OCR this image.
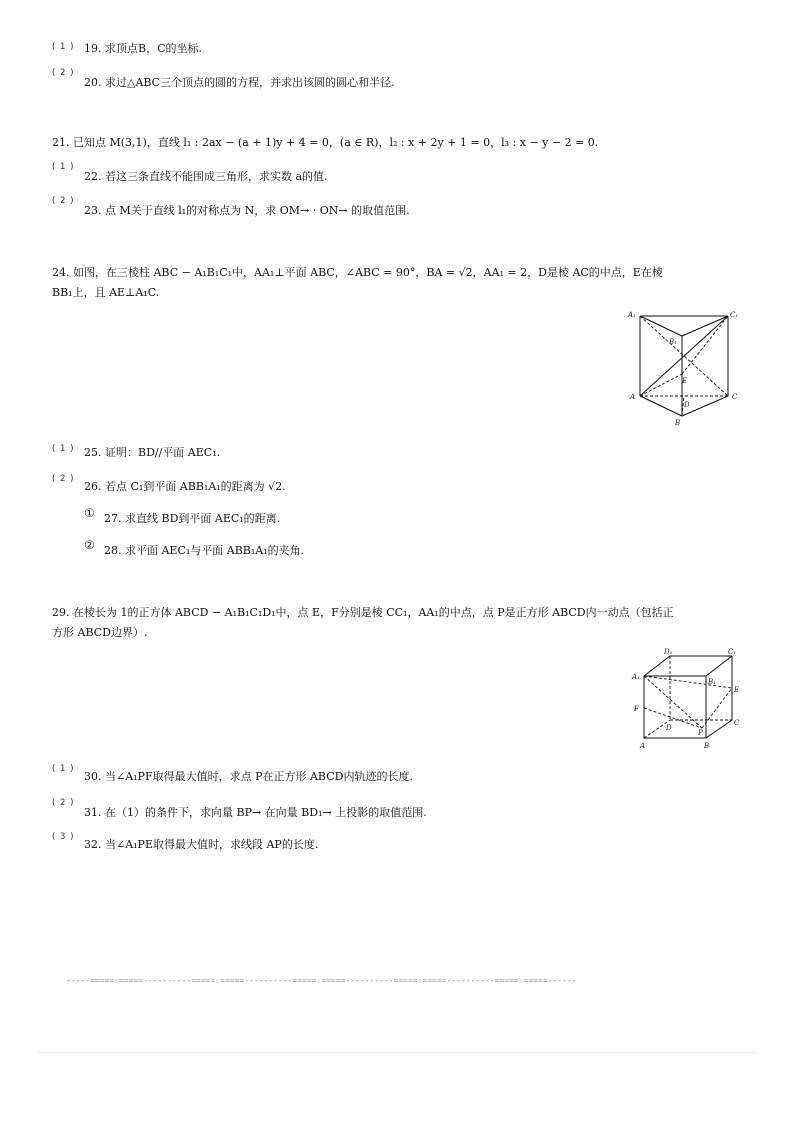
( 1 ) 19. 求顶点B，C的坐标.
( 2 )
20. 求过△ABC三个顶点的圆的方程，并求出该圆的圆心和半径.
21. 已知点 M(3,1)，直线 l₁ : 2ax − (a + 1)y + 4 = 0，(a ∈ R)，l₂ : x + 2y + 1 = 0，l₃ : x − y − 2 = 0.
( 1 )
22. 若这三条直线不能围成三角形，求实数 a的值.
( 2 )
23. 点 M关于直线 l₁的对称点为 N，求 OM→ · ON→ 的取值范围.
24. 如图，在三棱柱 ABC − A₁B₁C₁中，AA₁⊥平面 ABC，∠ABC = 90°，BA = √2，AA₁ = 2，D是棱 AC的中点，E在棱
BB₁上，且 AE⊥A₁C.
A₁	C₁
B₁
E
D
A	C
B
( 1 ) 25. 证明：BD//平面 AEC₁.
( 2 )
26. 若点 C₁到平面 ABB₁A₁的距离为 √2.
① 27. 求直线 BD到平面 AEC₁的距离.
② 28. 求平面 AEC₁与平面 ABB₁A₁的夹角.
29. 在棱长为 1的正方体 ABCD − A₁B₁C₁D₁中，点 E，F分别是棱 CC₁，AA₁的中点，点 P是正方形 ABCD内一动点（包括正
方形 ABCD边界）.
D₁	C₁
A₁
B₁
E
F
D
C
P
A	B
( 1 )
30. 当∠A₁PF取得最大值时，求点 P在正方形 ABCD内轨迹的长度.
( 2 )
31. 在（1）的条件下，求向量 BP→ 在向量 BD₁→ 上投影的取值范围.
( 3 )
32. 当∠A₁PE取得最大值时，求线段 AP的长度.
-----=====☆=====----------=====☆=====----------=====☆=====----------=====☆=====----------=====☆=====------
